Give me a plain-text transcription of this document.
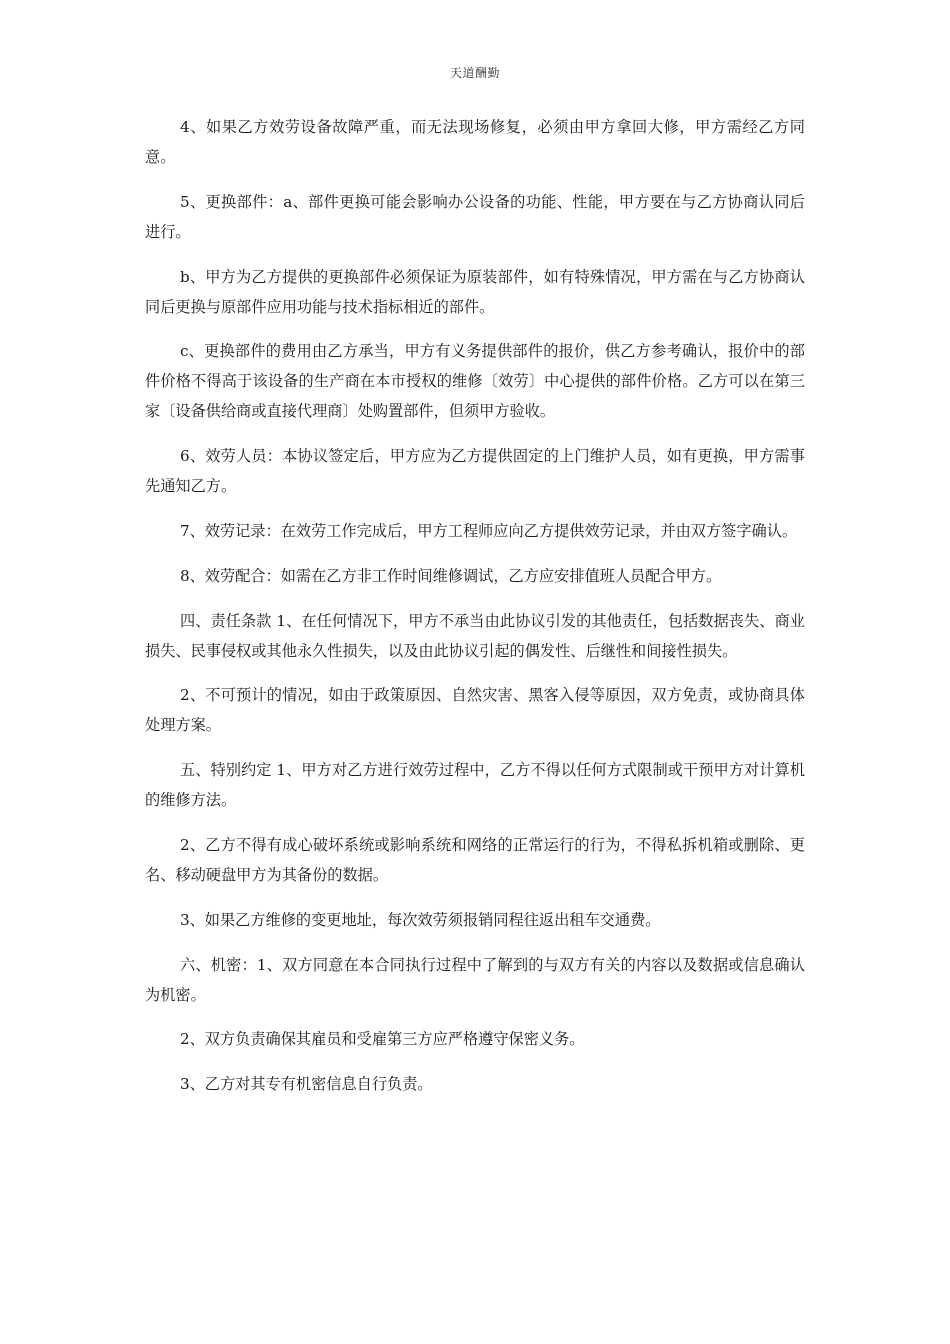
天道酬勤

4、如果乙方效劳设备故障严重，而无法现场修复，必须由甲方拿回大修，甲方需经乙方同意。

5、更换部件：a、部件更换可能会影响办公设备的功能、性能，甲方要在与乙方协商认同后进行。

b、甲方为乙方提供的更换部件必须保证为原装部件，如有特殊情况，甲方需在与乙方协商认同后更换与原部件应用功能与技术指标相近的部件。

c、更换部件的费用由乙方承当，甲方有义务提供部件的报价，供乙方参考确认，报价中的部件价格不得高于该设备的生产商在本市授权的维修〔效劳〕中心提供的部件价格。乙方可以在第三家〔设备供给商或直接代理商〕处购置部件，但须甲方验收。

6、效劳人员：本协议签定后，甲方应为乙方提供固定的上门维护人员，如有更换，甲方需事先通知乙方。

7、效劳记录：在效劳工作完成后，甲方工程师应向乙方提供效劳记录，并由双方签字确认。

8、效劳配合：如需在乙方非工作时间维修调试，乙方应安排值班人员配合甲方。

四、责任条款 1、在任何情况下，甲方不承当由此协议引发的其他责任，包括数据丧失、商业损失、民事侵权或其他永久性损失，以及由此协议引起的偶发性、后继性和间接性损失。

2、不可预计的情况，如由于政策原因、自然灾害、黑客入侵等原因，双方免责，或协商具体处理方案。

五、特别约定 1、甲方对乙方进行效劳过程中，乙方不得以任何方式限制或干预甲方对计算机的维修方法。

2、乙方不得有成心破坏系统或影响系统和网络的正常运行的行为，不得私拆机箱或删除、更名、移动硬盘甲方为其备份的数据。

3、如果乙方维修的变更地址，每次效劳须报销同程往返出租车交通费。

六、机密：1、双方同意在本合同执行过程中了解到的与双方有关的内容以及数据或信息确认为机密。

2、双方负责确保其雇员和受雇第三方应严格遵守保密义务。

3、乙方对其专有机密信息自行负责。
